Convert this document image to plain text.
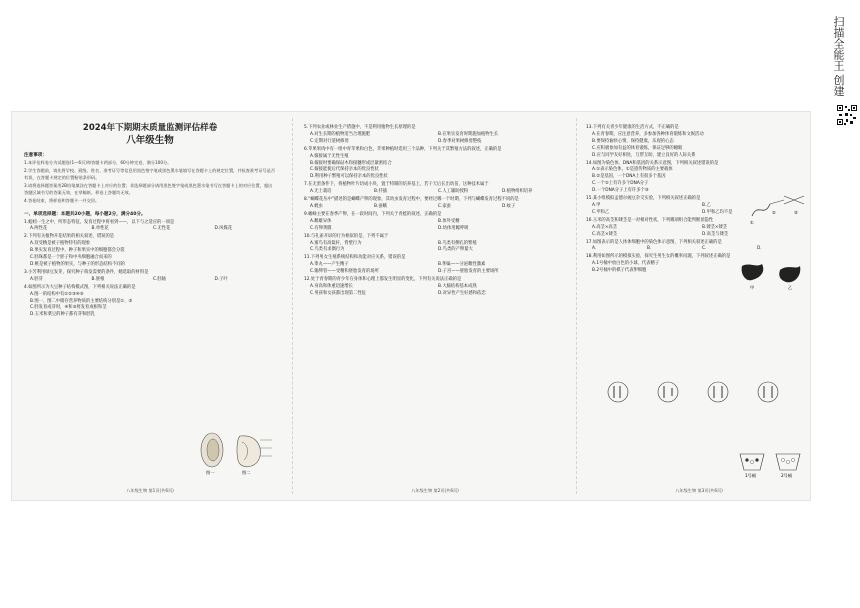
扫描全能王 创建
2024年下期期末质量监测评估样卷
八年级生物
注意事项：
1.本评估样卷分为试题卷(1—6页)和答题卡两部分，60分钟完卷，满分100分。
2.学生答题前，请先将学校、班级、姓名、准考证号等信息用黑色签字笔或黑色墨水笔填写在答题卡上的规定位置，并检查准考证号是否有误，在答题卡规定的位置粘贴条形码。
3.请将选择题答案用2B铅笔填涂在答题卡上对应的位置；非选择题部分请用黑色签字笔或黑色墨水笔书写在答题卡上的对应位置，超出答题区域书写的答案无效，在草稿纸、样卷上答题均无效。
4.答卷结束，将样卷和答题卡一并交回。
一、单项选择题：本题共20小题，每小题2分，满分40分。
1.蚯蚓一生之中，所形态特征，发育过程中将看到——，以下与之适应的一项是
A.两性花	B.单性花	C.无性花	D.风媒花
2.下列有关植物开花结果的相关叙述，错误的是
A.双受精是被子植物特有的现象
B.果实发育过程中，种子和果实中的细胞都会分裂
C.胚珠都是一个胚子和中央细胞融合而来的
D.桃是被子植物的果实，与种子的形态结构不同的
3.小芳利用绿豆发芽，探究种子萌发需要的条件，她选取的材料是
A.胚芽	B.胚根	C.胚轴	D.子叶
4.如图所示为大豆种子结构模式图，下列相关说法正确的是
A.图一的结构中有①②③④⑤
B.图一、图二中储存营养物质的主要结构分别是①、③
C.胚发育成芽时，④和⑤将发育成根和茎
D.玉米和菜豆的种子都有芽和胚乳
图一	图二
八年级生物 第1页(共6页)
5.下列农业或林业生产措施中，不是利用植物生长原理的是
A.对生长期的植物适当合理施肥	B.在果实发育时期施加植物生长
C.定期对行道树修剪	D.春季对果树修剪整枝
6.苹果果肉中有一组中青苹果和白色，苹果种植时选用三个品种，下列关于其繁殖方法的叙述，正确的是
A.嫁接属于无性生殖
B.嫁接时要确保砧木和接穗形成层紧密结合
C.嫁接能使后代保持亲本的优良性状
D.利用种子繁殖可以保持亲本的优良性状
7.在无蛋条件下，将植物叶片切成小块，置于特制的培养基上，若干天后长出幼苗，这种技术属于
A.无土栽培	B.扦插	C.人工辅助授粉	D.植物组织培养
8.“蝴蝶花丛中”描述的是蝴蝶产卵的现象，其幼虫发育过程中，要经过哪一个时期，下列与蝴蝶发育过程不同的是
A.蝗虫	B.蚕蛾	C.家蚕	D.蚊子
9.蟾蜍主要在春季产卵，在一段时间内，下列关于青蛙的叙述，正确的是
A.雌雄异体	B.体外受精
C.有卵黄膜	D.幼体用鳃呼吸
10.与孔雀开屏的行为相似的是，下列不属于
A.蜜鸟有高粱秆，背壁行为	B.鸟类有侧孔的繁殖
C.鸟类有求偶行为	D.鸟类的产卵量大
11.下列男女生殖系统结构和功能对应关系，错误的是
A.睾丸——产生精子	B.卵巢——分泌雌性激素
C.输卵管——受精和胚胎发育的场所	D.子宫——胚胎发育的主要场所
12.处于青春期的青少年在身体和心理上都发生明显的变化，下列有关说法正确的是
A.身高和体重迅速增长	B.大脑结构基本成熟
C.男孩和女孩都出现第二性征	D.对异性产生好感和依恋
八年级生物 第2页(共6页)
13.下列有关青少年健康的生活方式，不正确的是
A.在青春期，应注意营养，多参加各种体育锻炼和文娱活动
B.要保持愉快心情，保持健康，乐观的心态
C.应积极参加有益的体育锻炼，保证足够的睡眠
D.应与同学友好相处，互帮互助，建立良好的人际关系
14.如图为染色体、DNA和基因的关系示意图，下列相关叙述错误的是
A.①表示染色体，①是遗传物质的主要载体
B.②是基因，一个DNA上有很多个基因
C.一个②上有许多个DNA分子
D.一个DNA分子上有许多个③
15.某小组模拟孟德尔豌豆杂交实验，下列相关叙述正确的是
A.甲	B.乙
C.甲和乙	D.甲和乙均不是
16.玉米的高茎和矮茎是一对相对性状，下列哪项组合能判断显隐性
A.高茎×高茎	B.矮茎×矮茎
C.高茎×矮茎	D.高茎与矮茎
17.如图表示的是人体体细胞中的染色体示意图，下列相关叙述正确的是
A.	B.	C.	D.
18.利用如图所示的模拟实验，探究生男生女的概率问题，下列叙述正确的是
A.1号桶中放白色的小球，代表精子
B.2号桶中的棋子代表卵细胞
①
②	③
甲	乙
1号桶	2号桶
八年级生物 第3页(共6页)
